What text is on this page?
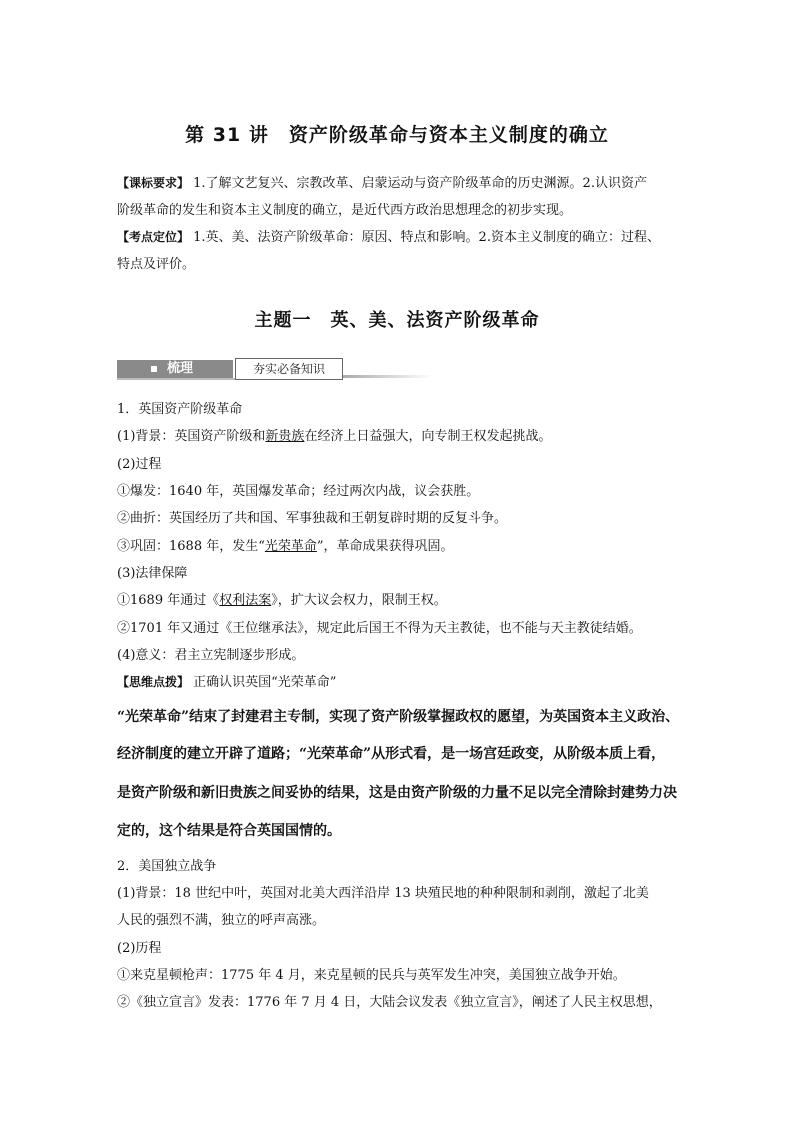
第 31 讲　资产阶级革命与资本主义制度的确立
【课标要求】 1.了解文艺复兴、宗教改革、启蒙运动与资产阶级革命的历史渊源。2.认识资产
阶级革命的发生和资本主义制度的确立，是近代西方政治思想理念的初步实现。
【考点定位】 1.英、美、法资产阶级革命：原因、特点和影响。2.资本主义制度的确立：过程、
特点及评价。
主题一　英、美、法资产阶级革命
梳理	夯实必备知识
1．英国资产阶级革命
(1)背景：英国资产阶级和新贵族在经济上日益强大，向专制王权发起挑战。
(2)过程
①爆发：1640 年，英国爆发革命；经过两次内战，议会获胜。
②曲折：英国经历了共和国、军事独裁和王朝复辟时期的反复斗争。
③巩固：1688 年，发生“光荣革命”，革命成果获得巩固。
(3)法律保障
①1689 年通过《权利法案》，扩大议会权力，限制王权。
②1701 年又通过《王位继承法》，规定此后国王不得为天主教徒，也不能与天主教徒结婚。
(4)意义：君主立宪制逐步形成。
【思维点拨】 正确认识英国“光荣革命”
“光荣革命”结束了封建君主专制，实现了资产阶级掌握政权的愿望，为英国资本主义政治、
经济制度的建立开辟了道路；“光荣革命”从形式看，是一场宫廷政变，从阶级本质上看，
是资产阶级和新旧贵族之间妥协的结果，这是由资产阶级的力量不足以完全清除封建势力决
定的，这个结果是符合英国国情的。
2．美国独立战争
(1)背景：18 世纪中叶，英国对北美大西洋沿岸 13 块殖民地的种种限制和剥削，激起了北美
人民的强烈不满，独立的呼声高涨。
(2)历程
①来克星顿枪声：1775 年 4 月，来克星顿的民兵与英军发生冲突，美国独立战争开始。
②《独立宣言》发表：1776 年 7 月 4 日，大陆会议发表《独立宣言》，阐述了人民主权思想，
